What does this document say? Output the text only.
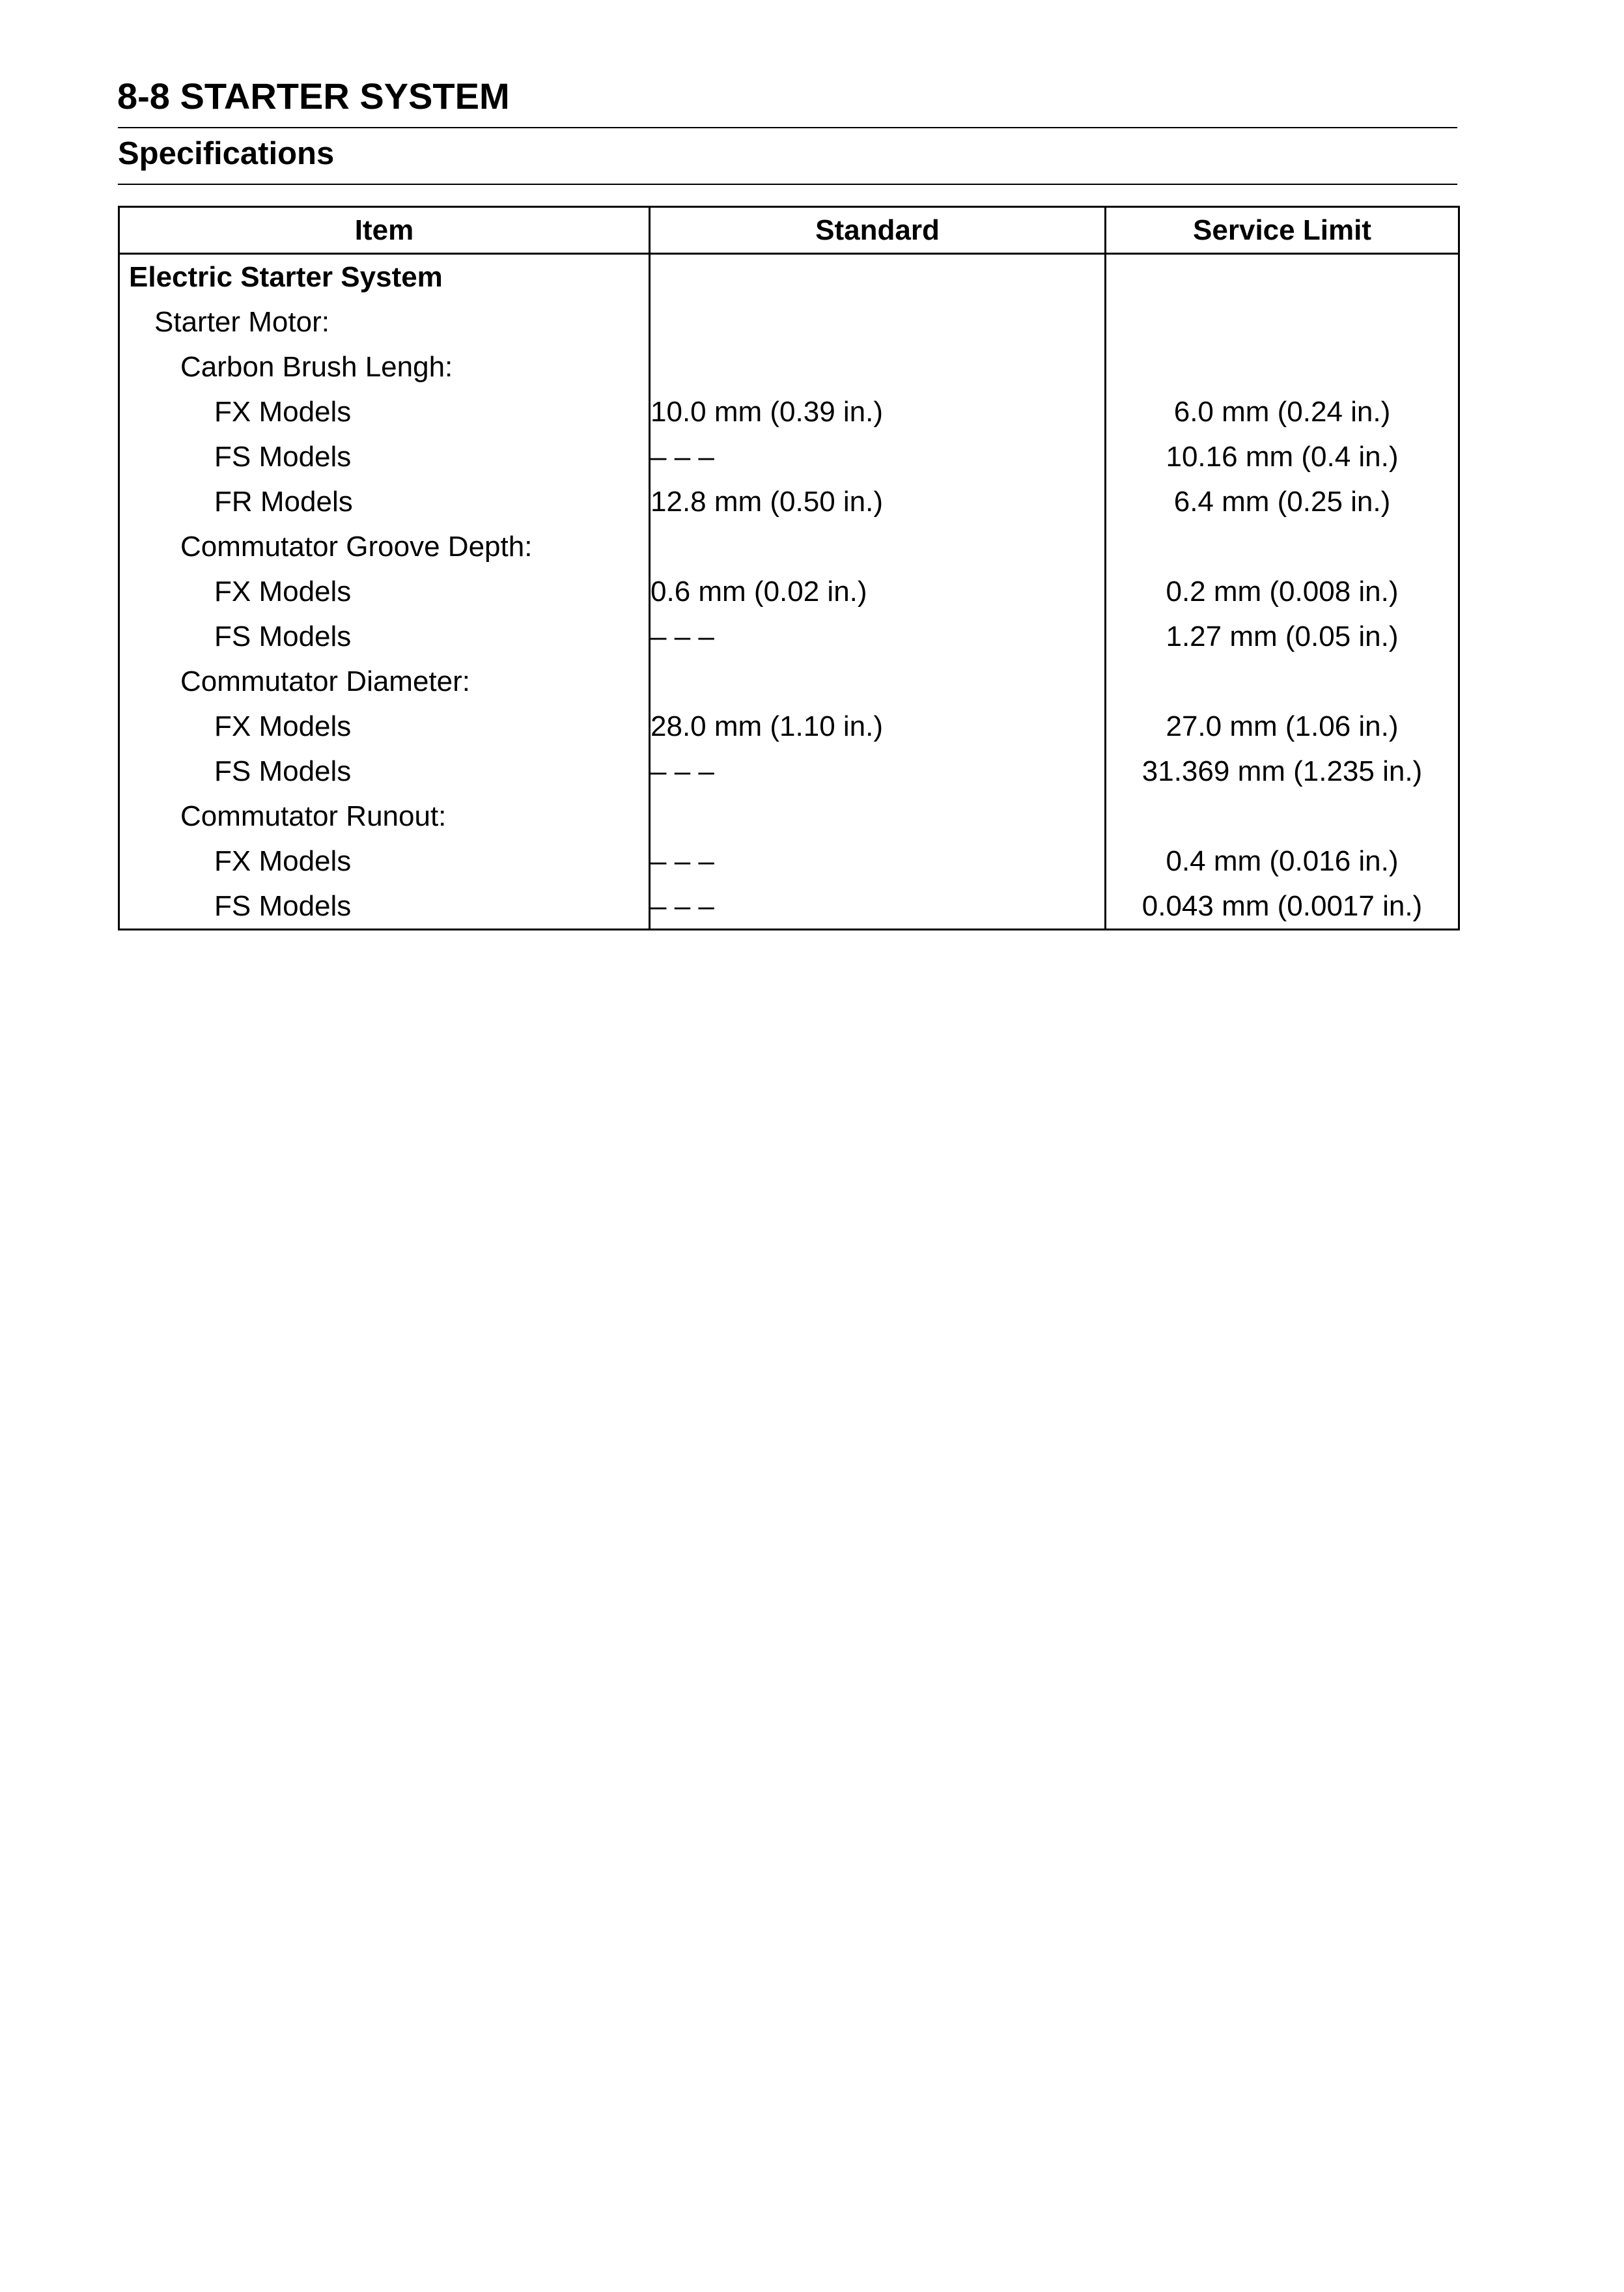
8-8 STARTER SYSTEM
Specifications
Item	Standard	Service Limit
Electric Starter System		
Starter Motor:		
Carbon Brush Lengh:		
FX Models	10.0 mm (0.39 in.)	6.0 mm (0.24 in.)
FS Models	– – –	10.16 mm (0.4 in.)
FR Models	12.8 mm (0.50 in.)	6.4 mm (0.25 in.)
Commutator Groove Depth:		
FX Models	0.6 mm (0.02 in.)	0.2 mm (0.008 in.)
FS Models	– – –	1.27 mm (0.05 in.)
Commutator Diameter:		
FX Models	28.0 mm (1.10 in.)	27.0 mm (1.06 in.)
FS Models	– – –	31.369 mm (1.235 in.)
Commutator Runout:		
FX Models	– – –	0.4 mm (0.016 in.)
FS Models	– – –	0.043 mm (0.0017 in.)
